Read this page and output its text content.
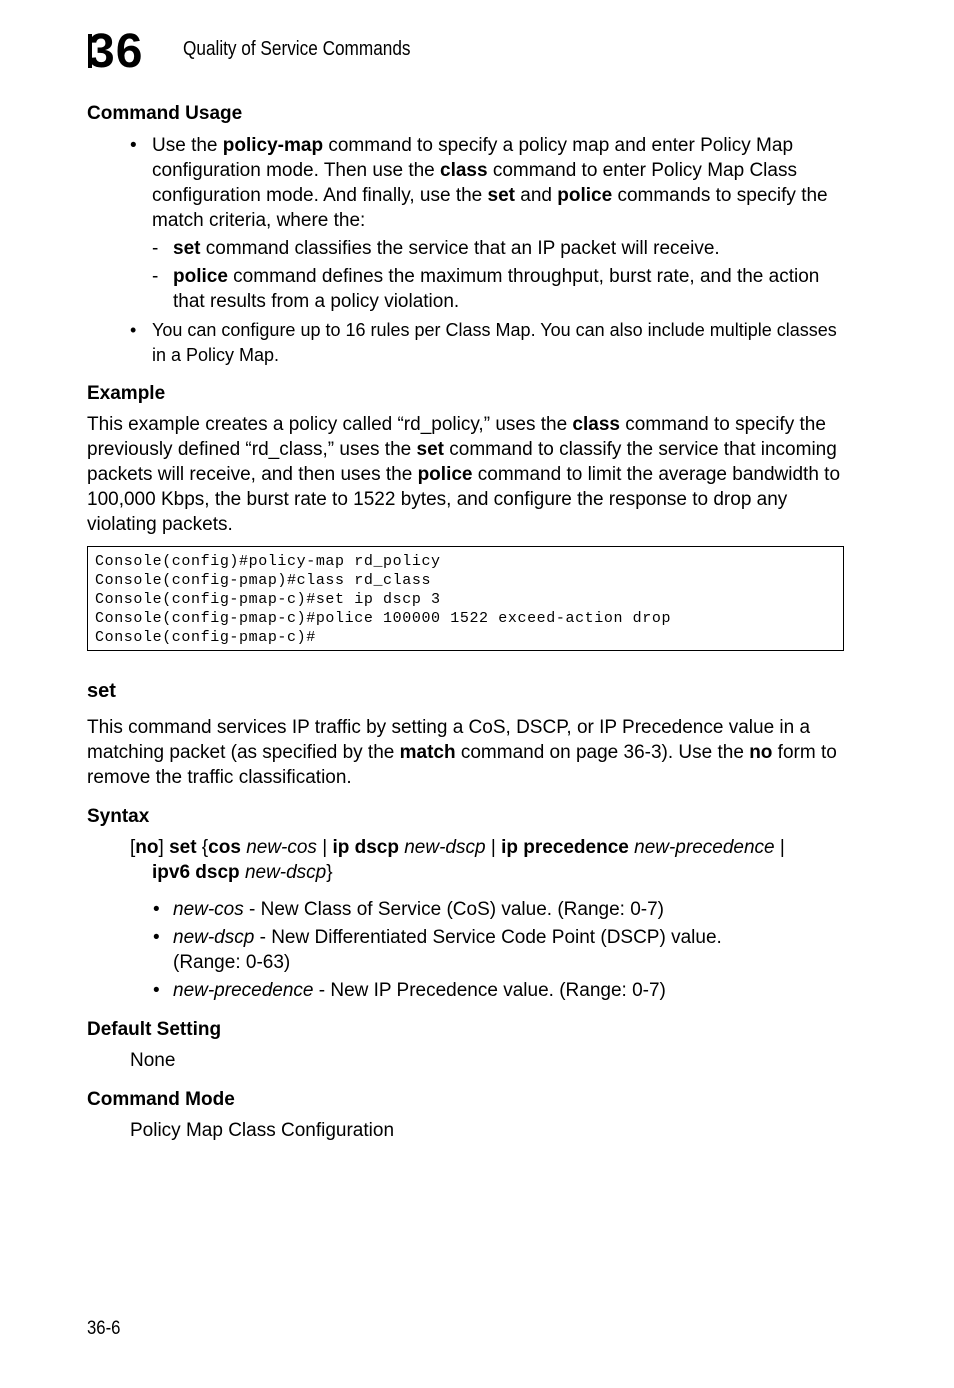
36 Quality of Service Commands
Command Usage
• Use the policy-map command to specify a policy map and enter Policy Map configuration mode. Then use the class command to enter Policy Map Class configuration mode. And finally, use the set and police commands to specify the match criteria, where the:

- set command classifies the service that an IP packet will receive.

- police command defines the maximum throughput, burst rate, and the action that results from a policy violation.

• You can configure up to 16 rules per Class Map. You can also include multiple classes in a Policy Map.

Example

This example creates a policy called “rd_policy,” uses the class command to specify the previously defined “rd_class,” uses the set command to classify the service that incoming packets will receive, and then uses the police command to limit the average bandwidth to 100,000 Kbps, the burst rate to 1522 bytes, and configure the response to drop any violating packets.

Console(config)#policy-map rd_policy
Console(config-pmap)#class rd_class
Console(config-pmap-c)#set ip dscp 3
Console(config-pmap-c)#police 100000 1522 exceed-action drop
Console(config-pmap-c)#
set

This command services IP traffic by setting a CoS, DSCP, or IP Precedence value in a matching packet (as specified by the match command on page 36-3). Use the no form to remove the traffic classification.

Syntax
[no] set {cos new-cos | ip dscp new-dscp | ip precedence new-precedence |
ipv6 dscp new-dscp}
• new-cos - New Class of Service (CoS) value. (Range: 0-7)

• new-dscp - New Differentiated Service Code Point (DSCP) value.
(Range: 0-63)

• new-precedence - New IP Precedence value. (Range: 0-7)

Default Setting

None

Command Mode

Policy Map Class Configuration

36-6
